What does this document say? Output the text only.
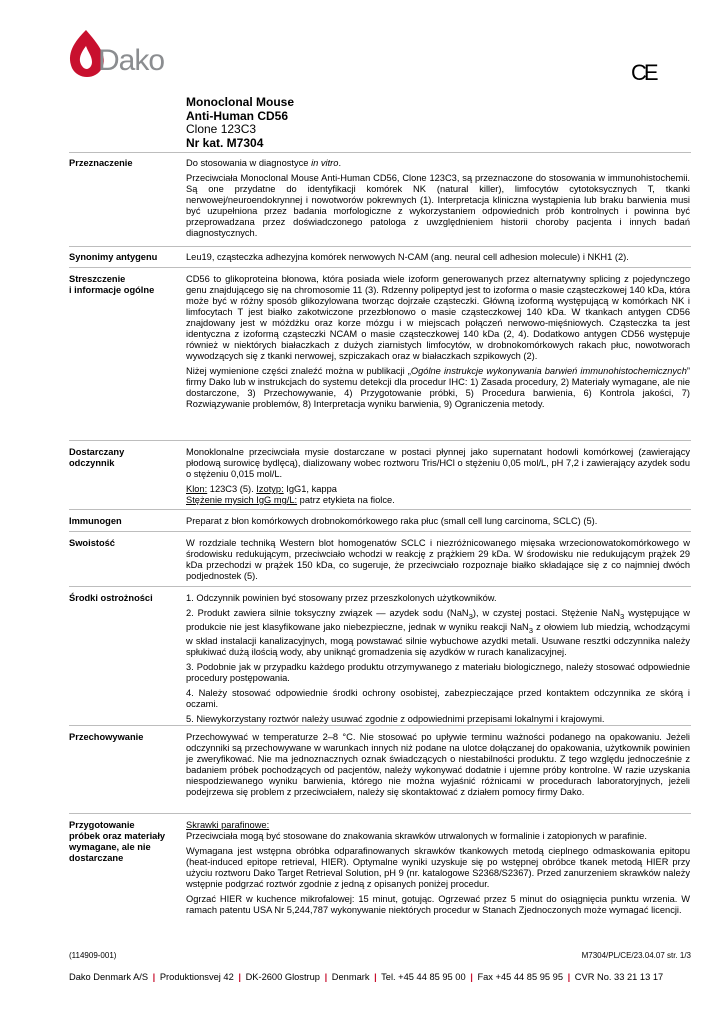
Dako	CE
Monoclonal Mouse
Anti-Human CD56
Clone 123C3
Nr kat. M7304
Przeznaczenie	Do stosowania w diagnostyce in vitro.

Przeciwciała Monoclonal Mouse Anti-Human CD56, Clone 123C3, są przeznaczone do stosowania w immunohistochemii. Są one przydatne do identyfikacji komórek NK (natural killer), limfocytów cytotoksycznych T, tkanki nerwowej/neuroendokrynnej i nowotworów pokrewnych (1). Interpretacja kliniczna wystąpienia lub braku barwienia musi być uzupełniona przez badania morfologiczne z wykorzystaniem odpowiednich prób kontrolnych i powinna być przeprowadzana przez doświadczonego patologa z uwzględnieniem historii choroby pacjenta i innych badań diagnostycznych.

Synonimy antygenu	Leu19, cząsteczka adhezyjna komórek nerwowych N-CAM (ang. neural cell adhesion molecule) i NKH1 (2).

Streszczenie
i informacje ogólne

CD56 to glikoproteina błonowa, która posiada wiele izoform generowanych przez alternatywny splicing z pojedynczego genu znajdującego się na chromosomie 11 (3). Rdzenny polipeptyd jest to izoforma o masie cząsteczkowej 140 kDa, która może być w różny sposób glikozylowana tworząc dojrzałe cząsteczki. Główną izoformą występującą w komórkach NK i limfocytach T jest białko zakotwiczone przezbłonowo o masie cząsteczkowej 140 kDa. W tkankach antygen CD56 znajdowany jest w móżdżku oraz korze mózgu i w miejscach połączeń nerwowo-mięśniowych. Cząsteczka ta jest identyczna z izoformą cząsteczki NCAM o masie cząsteczkowej 140 kDa (2, 4). Dodatkowo antygen CD56 występuje również w niektórych białaczkach z dużych ziarnistych limfocytów, w drobnokomórkowych rakach płuc, nowotworach wywodzących się z tkanki nerwowej, szpiczakach oraz w białaczkach szpikowych (2).

Niżej wymienione części znaleźć można w publikacji „Ogólne instrukcje wykonywania barwień immunohistochemicznych” firmy Dako lub w instrukcjach do systemu detekcji dla procedur IHC: 1) Zasada procedury, 2) Materiały wymagane, ale nie dostarczone, 3) Przechowywanie, 4) Przygotowanie próbki, 5) Procedura barwienia, 6) Kontrola jakości, 7) Rozwiązywanie problemów, 8) Interpretacja wyniku barwienia, 9) Ograniczenia metody.

Dostarczany
odczynnik

Monoklonalne przeciwciała mysie dostarczane w postaci płynnej jako supernatant hodowli komórkowej (zawierający płodową surowicę bydlęcą), dializowany wobec roztworu Tris/HCl o stężeniu 0,05 mol/L, pH 7,2 i zawierający azydek sodu o stężeniu 0,015 mol/L.

Klon: 123C3 (5). Izotyp: IgG1, kappa

Stężenie mysich IgG mg/L: patrz etykieta na fiolce.

Immunogen	Preparat z błon komórkowych drobnokomórkowego raka płuc (small cell lung carcinoma, SCLC) (5).

Swoistość	W rozdziale techniką Western blot homogenatów SCLC i niezróżnicowanego mięsaka wrzecionowatokomórkowego w środowisku redukującym, przeciwciało wchodzi w reakcję z prążkiem 29 kDa. W środowisku nie redukującym prążek 29 kDa przechodzi w prążek 150 kDa, co sugeruje, że przeciwciało rozpoznaje białko składające się z co najmniej dwóch podjednostek (5).

Środki ostrożności	1. Odczynnik powinien być stosowany przez przeszkolonych użytkowników.

2. Produkt zawiera silnie toksyczny związek — azydek sodu (NaN$_3$), w czystej postaci. Stężenie NaN$_3$ występujące w produkcie nie jest klasyfikowane jako niebezpieczne, jednak w wyniku reakcji NaN$_3$ z ołowiem lub miedzią, wchodzącymi w skład instalacji kanalizacyjnych, mogą powstawać silnie wybuchowe azydki metali. Usuwane resztki odczynnika należy spłukiwać dużą ilością wody, aby uniknąć gromadzenia się azydków w rurach kanalizacyjnej.

3. Podobnie jak w przypadku każdego produktu otrzymywanego z materiału biologicznego, należy stosować odpowiednie procedury postępowania.

4. Należy stosować odpowiednie środki ochrony osobistej, zabezpieczające przed kontaktem odczynnika ze skórą i oczami.

5. Niewykorzystany roztwór należy usuwać zgodnie z odpowiednimi przepisami lokalnymi i krajowymi.

Przechowywanie	Przechowywać w temperaturze 2–8 °C. Nie stosować po upływie terminu ważności podanego na opakowaniu. Jeżeli odczynniki są przechowywane w warunkach innych niż podane na ulotce dołączanej do opakowania, użytkownik powinien je zweryfikować. Nie ma jednoznacznych oznak świadczących o niestabilności produktu. Z tego względu jednocześnie z badaniem próbek pochodzących od pacjentów, należy wykonywać dodatnie i ujemne próby kontrolne. W razie uzyskania niespodziewanego wyniku barwienia, którego nie można wyjaśnić różnicami w procedurach laboratoryjnych, jeżeli podejrzewa się problem z przeciwciałem, należy się skontaktować z działem pomocy firmy Dako.

Przygotowanie
próbek oraz materiały
wymagane, ale nie
dostarczane

Skrawki parafinowe:

Przeciwciała mogą być stosowane do znakowania skrawków utrwalonych w formalinie i zatopionych w parafinie.

Wymagana jest wstępna obróbka odparafinowanych skrawków tkankowych metodą cieplnego odmaskowania epitopu (heat-induced epitope retrieval, HIER). Optymalne wyniki uzyskuje się po wstępnej obróbce tkanek metodą HIER przy użyciu roztworu Dako Target Retrieval Solution, pH 9 (nr. katalogowe S2368/S2367). Przed zanurzeniem skrawków należy wstępnie podgrzać roztwór zgodnie z jedną z opisanych poniżej procedur.

Ogrzać HIER w kuchence mikrofalowej: 15 minut, gotując. Ogrzewać przez 5 minut do osiągnięcia punktu wrzenia. W ramach patentu USA Nr 5,244,787 wykonywanie niektórych procedur w Stanach Zjednoczonych może wymagać licencji.

(114909-001)	M7304/PL/CE/23.04.07 str. 1/3
Dako Denmark A/S | Produktionsvej 42 | DK-2600 Glostrup | Denmark | Tel. +45 44 85 95 00 | Fax +45 44 85 95 95 | CVR No. 33 21 13 17
